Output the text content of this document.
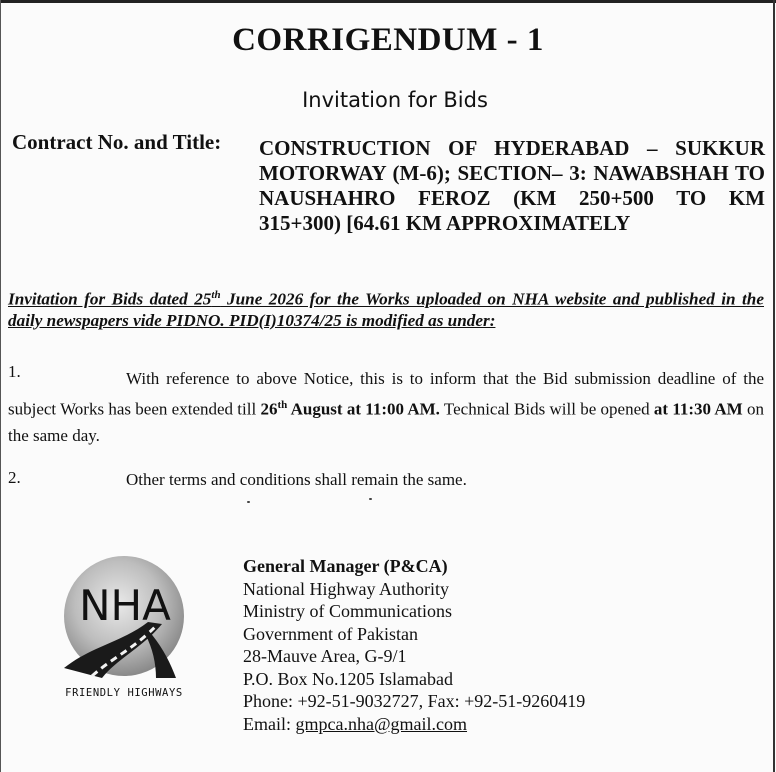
CORRIGENDUM - 1
Invitation for Bids
Contract No. and Title: CONSTRUCTION OF HYDERABAD – SUKKUR MOTORWAY (M-6); SECTION– 3: NAWABSHAH TO NAUSHAHRO FEROZ (KM 250+500 TO KM 315+300) [64.61 KM APPROXIMATELY
Invitation for Bids dated 25th June 2026 for the Works uploaded on NHA website and published in the daily newspapers vide PIDNO. PID(I)10374/25 is modified as under:
1.	With reference to above Notice, this is to inform that the Bid submission deadline of the subject Works has been extended till 26th August at 11:00 AM. Technical Bids will be opened at 11:30 AM on the same day.
2.	Other terms and conditions shall remain the same.
NHA
FRIENDLY HIGHWAYS
General Manager (P&CA)
National Highway Authority
Ministry of Communications
Government of Pakistan
28-Mauve Area, G-9/1
P.O. Box No.1205 Islamabad
Phone: +92-51-9032727, Fax: +92-51-9260419
Email: gmpca.nha@gmail.com
